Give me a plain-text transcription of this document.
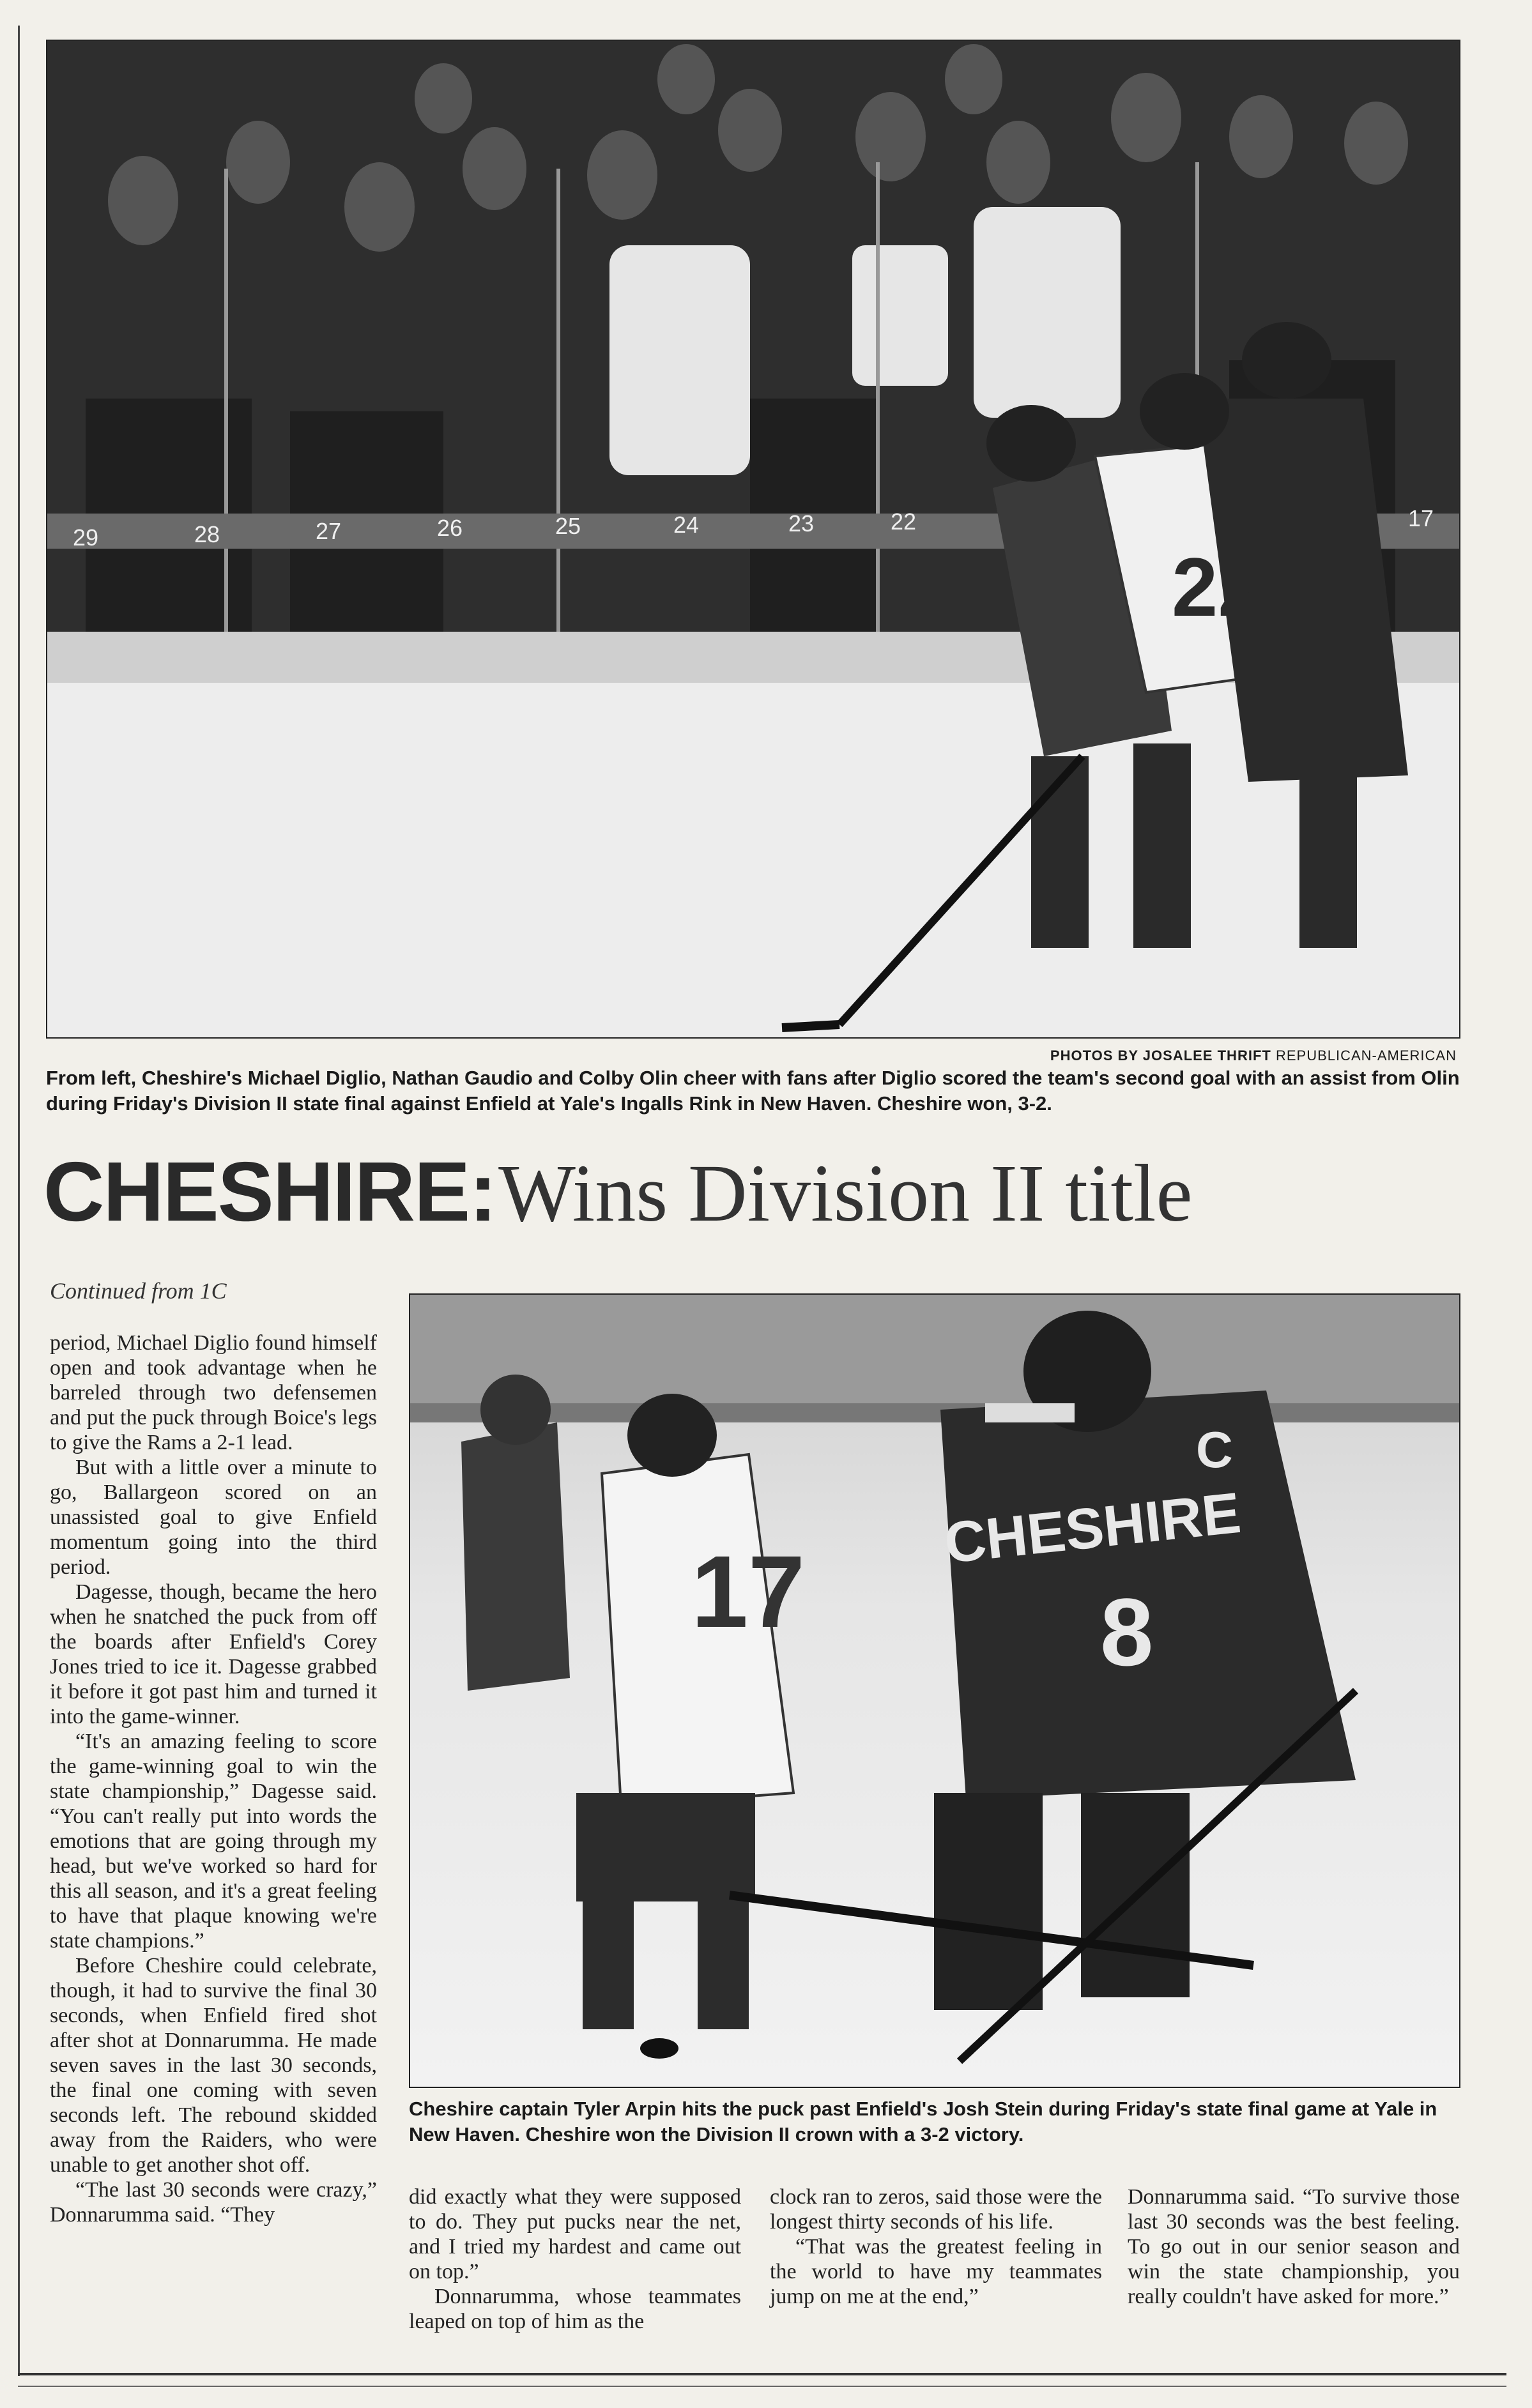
29	28	27	26	25	24	23	22	17
22
PHOTOS BY JOSALEE THRIFT REPUBLICAN-AMERICAN
From left, Cheshire's Michael Diglio, Nathan Gaudio and Colby Olin cheer with fans after Diglio scored the team's second goal with an assist from Olin during Friday's Division II state final against Enfield at Yale's Ingalls Rink in New Haven. Cheshire won, 3-2.
CHESHIRE: Wins Division II title
Continued from 1C

period, Michael Diglio found himself open and took advantage when he barreled through two defensemen and put the puck through Boice's legs to give the Rams a 2-1 lead.

But with a little over a minute to go, Ballargeon scored on an unassisted goal to give Enfield momentum going into the third period.

Dagesse, though, became the hero when he snatched the puck from off the boards after Enfield's Corey Jones tried to ice it. Dagesse grabbed it before it got past him and turned it into the game-winner.

“It's an amazing feeling to score the game-winning goal to win the state championship,” Dagesse said. “You can't really put into words the emotions that are going through my head, but we've worked so hard for this all season, and it's a great feeling to have that plaque knowing we're state champions.”

Before Cheshire could celebrate, though, it had to survive the final 30 seconds, when Enfield fired shot after shot at Donnarumma. He made seven saves in the last 30 seconds, the final one coming with seven seconds left. The rebound skidded away from the Raiders, who were unable to get another shot off.

“The last 30 seconds were crazy,” Donnarumma said. “They

17
CHESHIRE
8
C
Cheshire captain Tyler Arpin hits the puck past Enfield's Josh Stein during Friday's state final game at Yale in New Haven. Cheshire won the Division II crown with a 3-2 victory.

did exactly what they were supposed to do. They put pucks near the net, and I tried my hardest and came out on top.”

Donnarumma, whose teammates leaped on top of him as the

clock ran to zeros, said those were the longest thirty seconds of his life.

“That was the greatest feeling in the world to have my teammates jump on me at the end,”

Donnarumma said. “To survive those last 30 seconds was the best feeling. To go out in our senior season and win the state championship, you really couldn't have asked for more.”
